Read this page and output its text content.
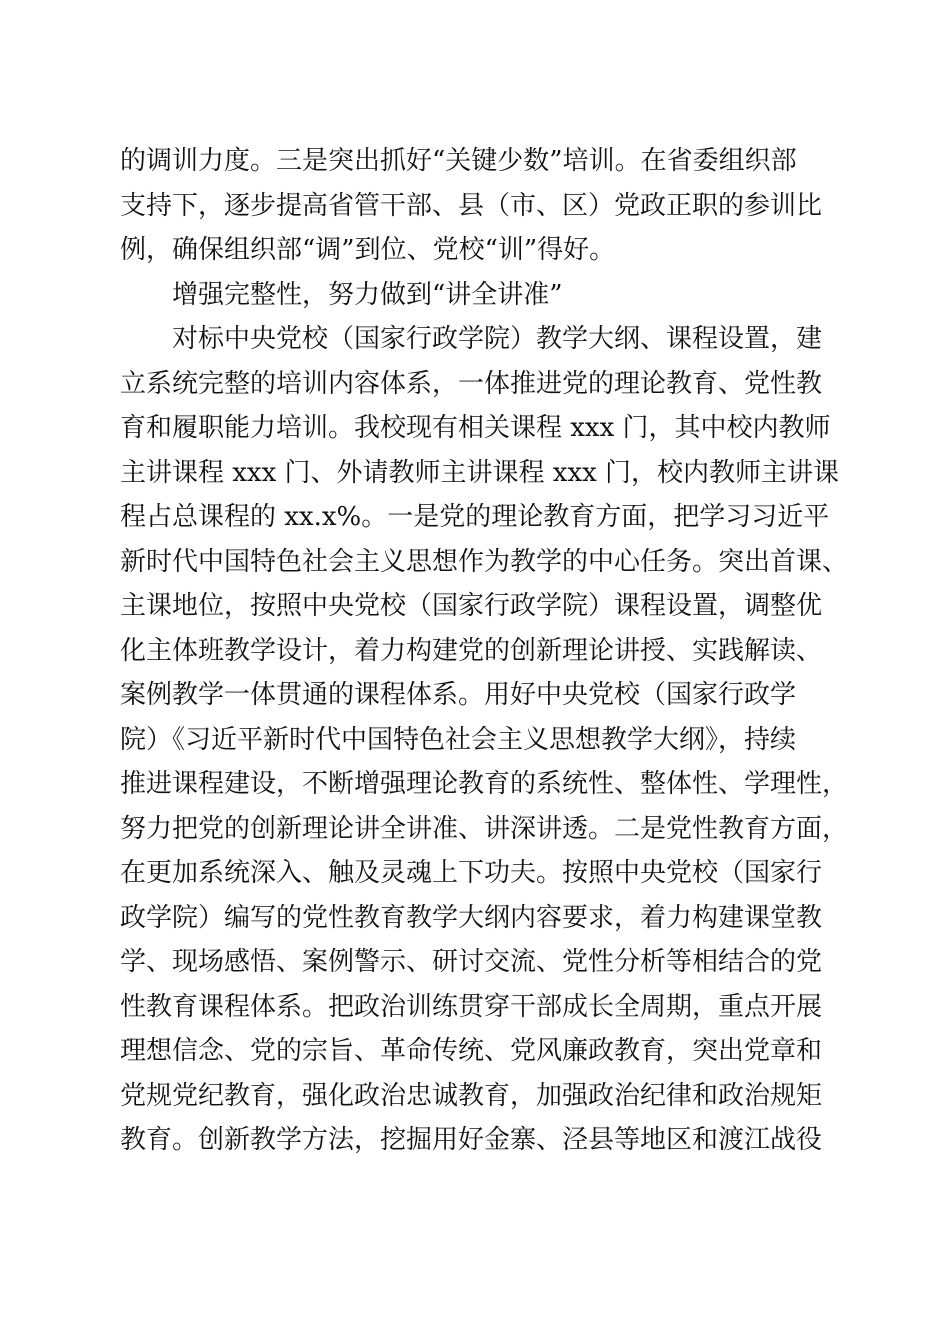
的调训力度。三是突出抓好“关键少数”培训。在省委组织部
支持下，逐步提高省管干部、县（市、区）党政正职的参训比
例，确保组织部“调”到位、党校“训”得好。
增强完整性，努力做到“讲全讲准”
对标中央党校（国家行政学院）教学大纲、课程设置，建
立系统完整的培训内容体系，一体推进党的理论教育、党性教
育和履职能力培训。我校现有相关课程 xxx 门，其中校内教师
主讲课程 xxx 门、外请教师主讲课程 xxx 门，校内教师主讲课
程占总课程的 xx.x%。一是党的理论教育方面，把学习习近平
新时代中国特色社会主义思想作为教学的中心任务。突出首课、
主课地位，按照中央党校（国家行政学院）课程设置，调整优
化主体班教学设计，着力构建党的创新理论讲授、实践解读、
案例教学一体贯通的课程体系。用好中央党校（国家行政学
院）《习近平新时代中国特色社会主义思想教学大纲》，持续
推进课程建设，不断增强理论教育的系统性、整体性、学理性，
努力把党的创新理论讲全讲准、讲深讲透。二是党性教育方面，
在更加系统深入、触及灵魂上下功夫。按照中央党校（国家行
政学院）编写的党性教育教学大纲内容要求，着力构建课堂教
学、现场感悟、案例警示、研讨交流、党性分析等相结合的党
性教育课程体系。把政治训练贯穿干部成长全周期，重点开展
理想信念、党的宗旨、革命传统、党风廉政教育，突出党章和
党规党纪教育，强化政治忠诚教育，加强政治纪律和政治规矩
教育。创新教学方法，挖掘用好金寨、泾县等地区和渡江战役
